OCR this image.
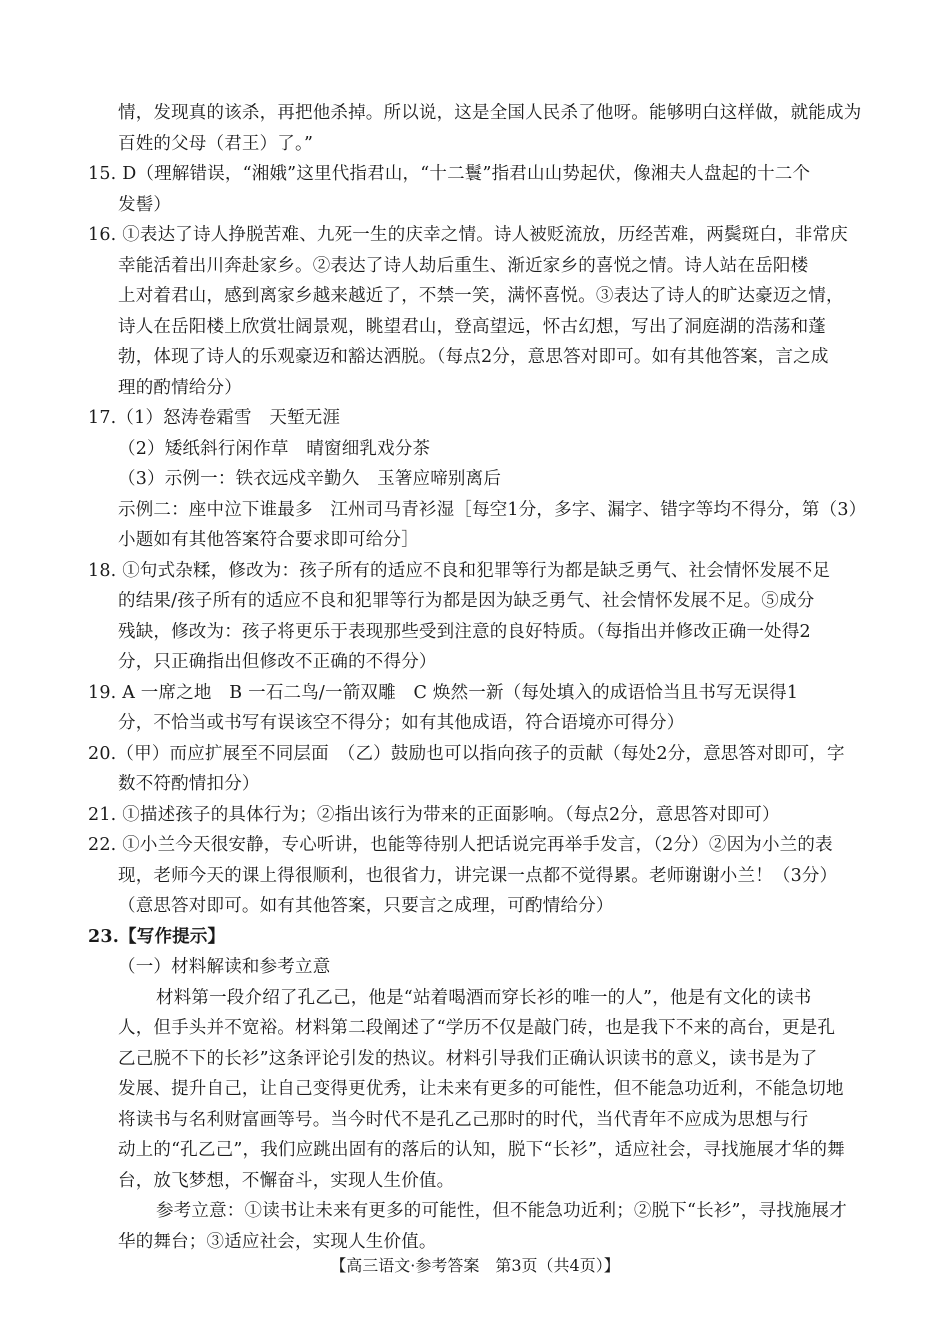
情，发现真的该杀，再把他杀掉。所以说，这是全国人民杀了他呀。能够明白这样做，就能成为
百姓的父母（君王）了。”
15. D（理解错误，“湘娥”这里代指君山，“十二鬟”指君山山势起伏，像湘夫人盘起的十二个
发髻）
16. ①表达了诗人挣脱苦难、九死一生的庆幸之情。诗人被贬流放，历经苦难，两鬓斑白，非常庆
幸能活着出川奔赴家乡。②表达了诗人劫后重生、渐近家乡的喜悦之情。诗人站在岳阳楼
上对着君山，感到离家乡越来越近了，不禁一笑，满怀喜悦。③表达了诗人的旷达豪迈之情，
诗人在岳阳楼上欣赏壮阔景观，眺望君山，登高望远，怀古幻想，写出了洞庭湖的浩荡和蓬
勃，体现了诗人的乐观豪迈和豁达洒脱。（每点2分，意思答对即可。如有其他答案，言之成
理的酌情给分）
17.（1）怒涛卷霜雪　天堑无涯
（2）矮纸斜行闲作草　晴窗细乳戏分茶
（3）示例一：铁衣远戍辛勤久　玉箸应啼别离后
示例二：座中泣下谁最多　江州司马青衫湿［每空1分，多字、漏字、错字等均不得分，第（3）
小题如有其他答案符合要求即可给分］
18. ①句式杂糅，修改为：孩子所有的适应不良和犯罪等行为都是缺乏勇气、社会情怀发展不足
的结果/孩子所有的适应不良和犯罪等行为都是因为缺乏勇气、社会情怀发展不足。⑤成分
残缺，修改为：孩子将更乐于表现那些受到注意的良好特质。（每指出并修改正确一处得2
分，只正确指出但修改不正确的不得分）
19. A 一席之地　B 一石二鸟/一箭双雕　C 焕然一新（每处填入的成语恰当且书写无误得1
分，不恰当或书写有误该空不得分；如有其他成语，符合语境亦可得分）
20.（甲）而应扩展至不同层面　（乙）鼓励也可以指向孩子的贡献（每处2分，意思答对即可，字
数不符酌情扣分）
21. ①描述孩子的具体行为；②指出该行为带来的正面影响。（每点2分，意思答对即可）
22. ①小兰今天很安静，专心听讲，也能等待别人把话说完再举手发言，（2分）②因为小兰的表
现，老师今天的课上得很顺利，也很省力，讲完课一点都不觉得累。老师谢谢小兰！（3分）
（意思答对即可。如有其他答案，只要言之成理，可酌情给分）
23.【写作提示】
（一）材料解读和参考立意
材料第一段介绍了孔乙己，他是“站着喝酒而穿长衫的唯一的人”，他是有文化的读书
人，但手头并不宽裕。材料第二段阐述了“学历不仅是敲门砖，也是我下不来的高台，更是孔
乙己脱不下的长衫”这条评论引发的热议。材料引导我们正确认识读书的意义，读书是为了
发展、提升自己，让自己变得更优秀，让未来有更多的可能性，但不能急功近利，不能急切地
将读书与名利财富画等号。当今时代不是孔乙己那时的时代，当代青年不应成为思想与行
动上的“孔乙己”，我们应跳出固有的落后的认知，脱下“长衫”，适应社会，寻找施展才华的舞
台，放飞梦想，不懈奋斗，实现人生价值。
参考立意：①读书让未来有更多的可能性，但不能急功近利；②脱下“长衫”，寻找施展才
华的舞台；③适应社会，实现人生价值。
【高三语文·参考答案　第3页（共4页）】
